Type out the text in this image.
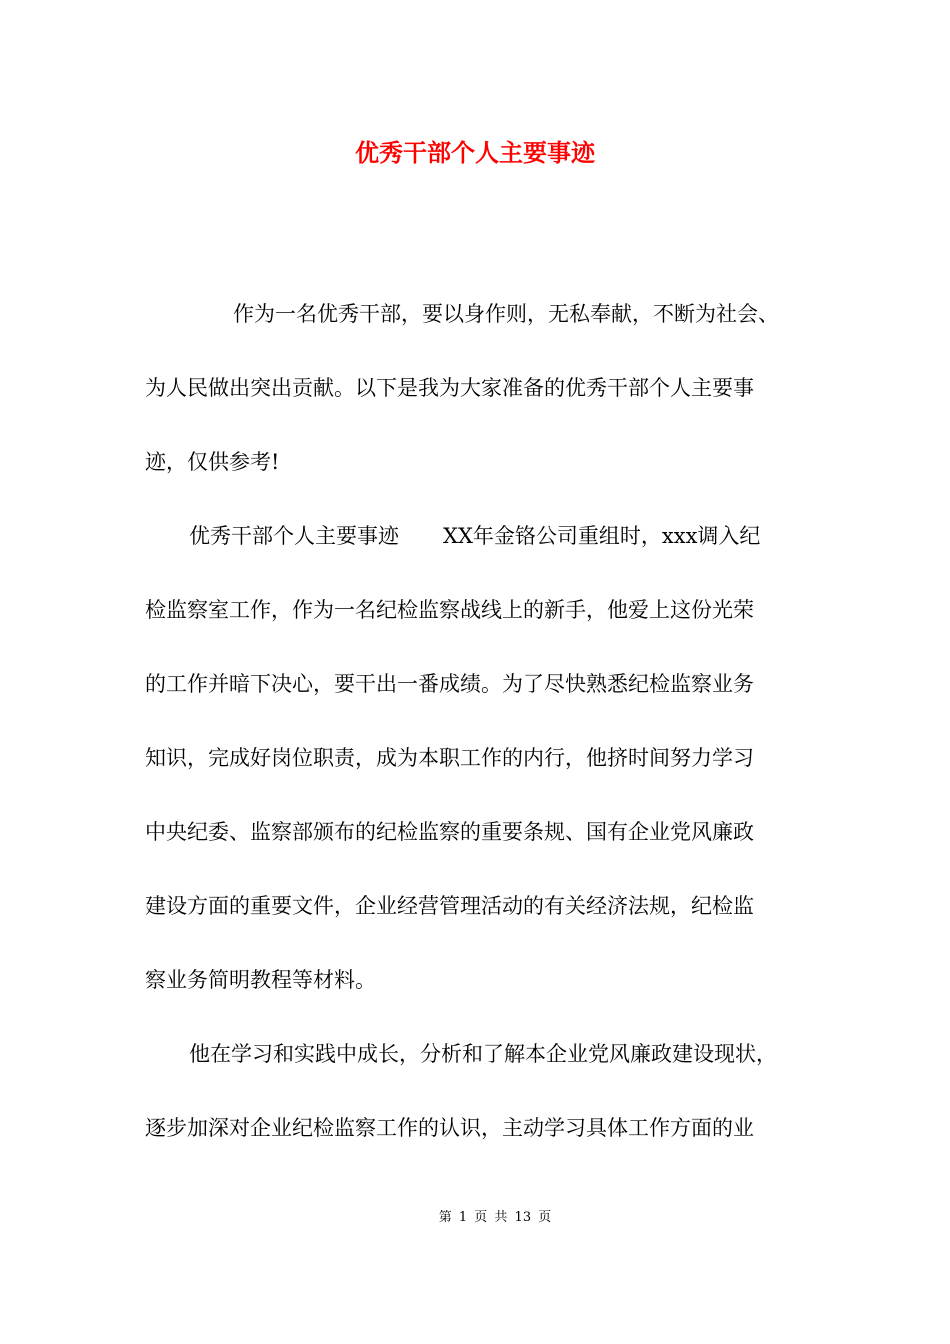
优秀干部个人主要事迹

作为一名优秀干部，要以身作则，无私奉献，不断为社会、

为人民做出突出贡献。以下是我为大家准备的优秀干部个人主要事

迹，仅供参考!

优秀干部个人主要事迹 XX年金铬公司重组时，xxx调入纪

检监察室工作，作为一名纪检监察战线上的新手，他爱上这份光荣

的工作并暗下决心，要干出一番成绩。为了尽快熟悉纪检监察业务

知识，完成好岗位职责，成为本职工作的内行，他挤时间努力学习

中央纪委、监察部颁布的纪检监察的重要条规、国有企业党风廉政

建设方面的重要文件，企业经营管理活动的有关经济法规，纪检监

察业务简明教程等材料。

他在学习和实践中成长，分析和了解本企业党风廉政建设现状，

逐步加深对企业纪检监察工作的认识，主动学习具体工作方面的业

第 1 页 共 13 页
